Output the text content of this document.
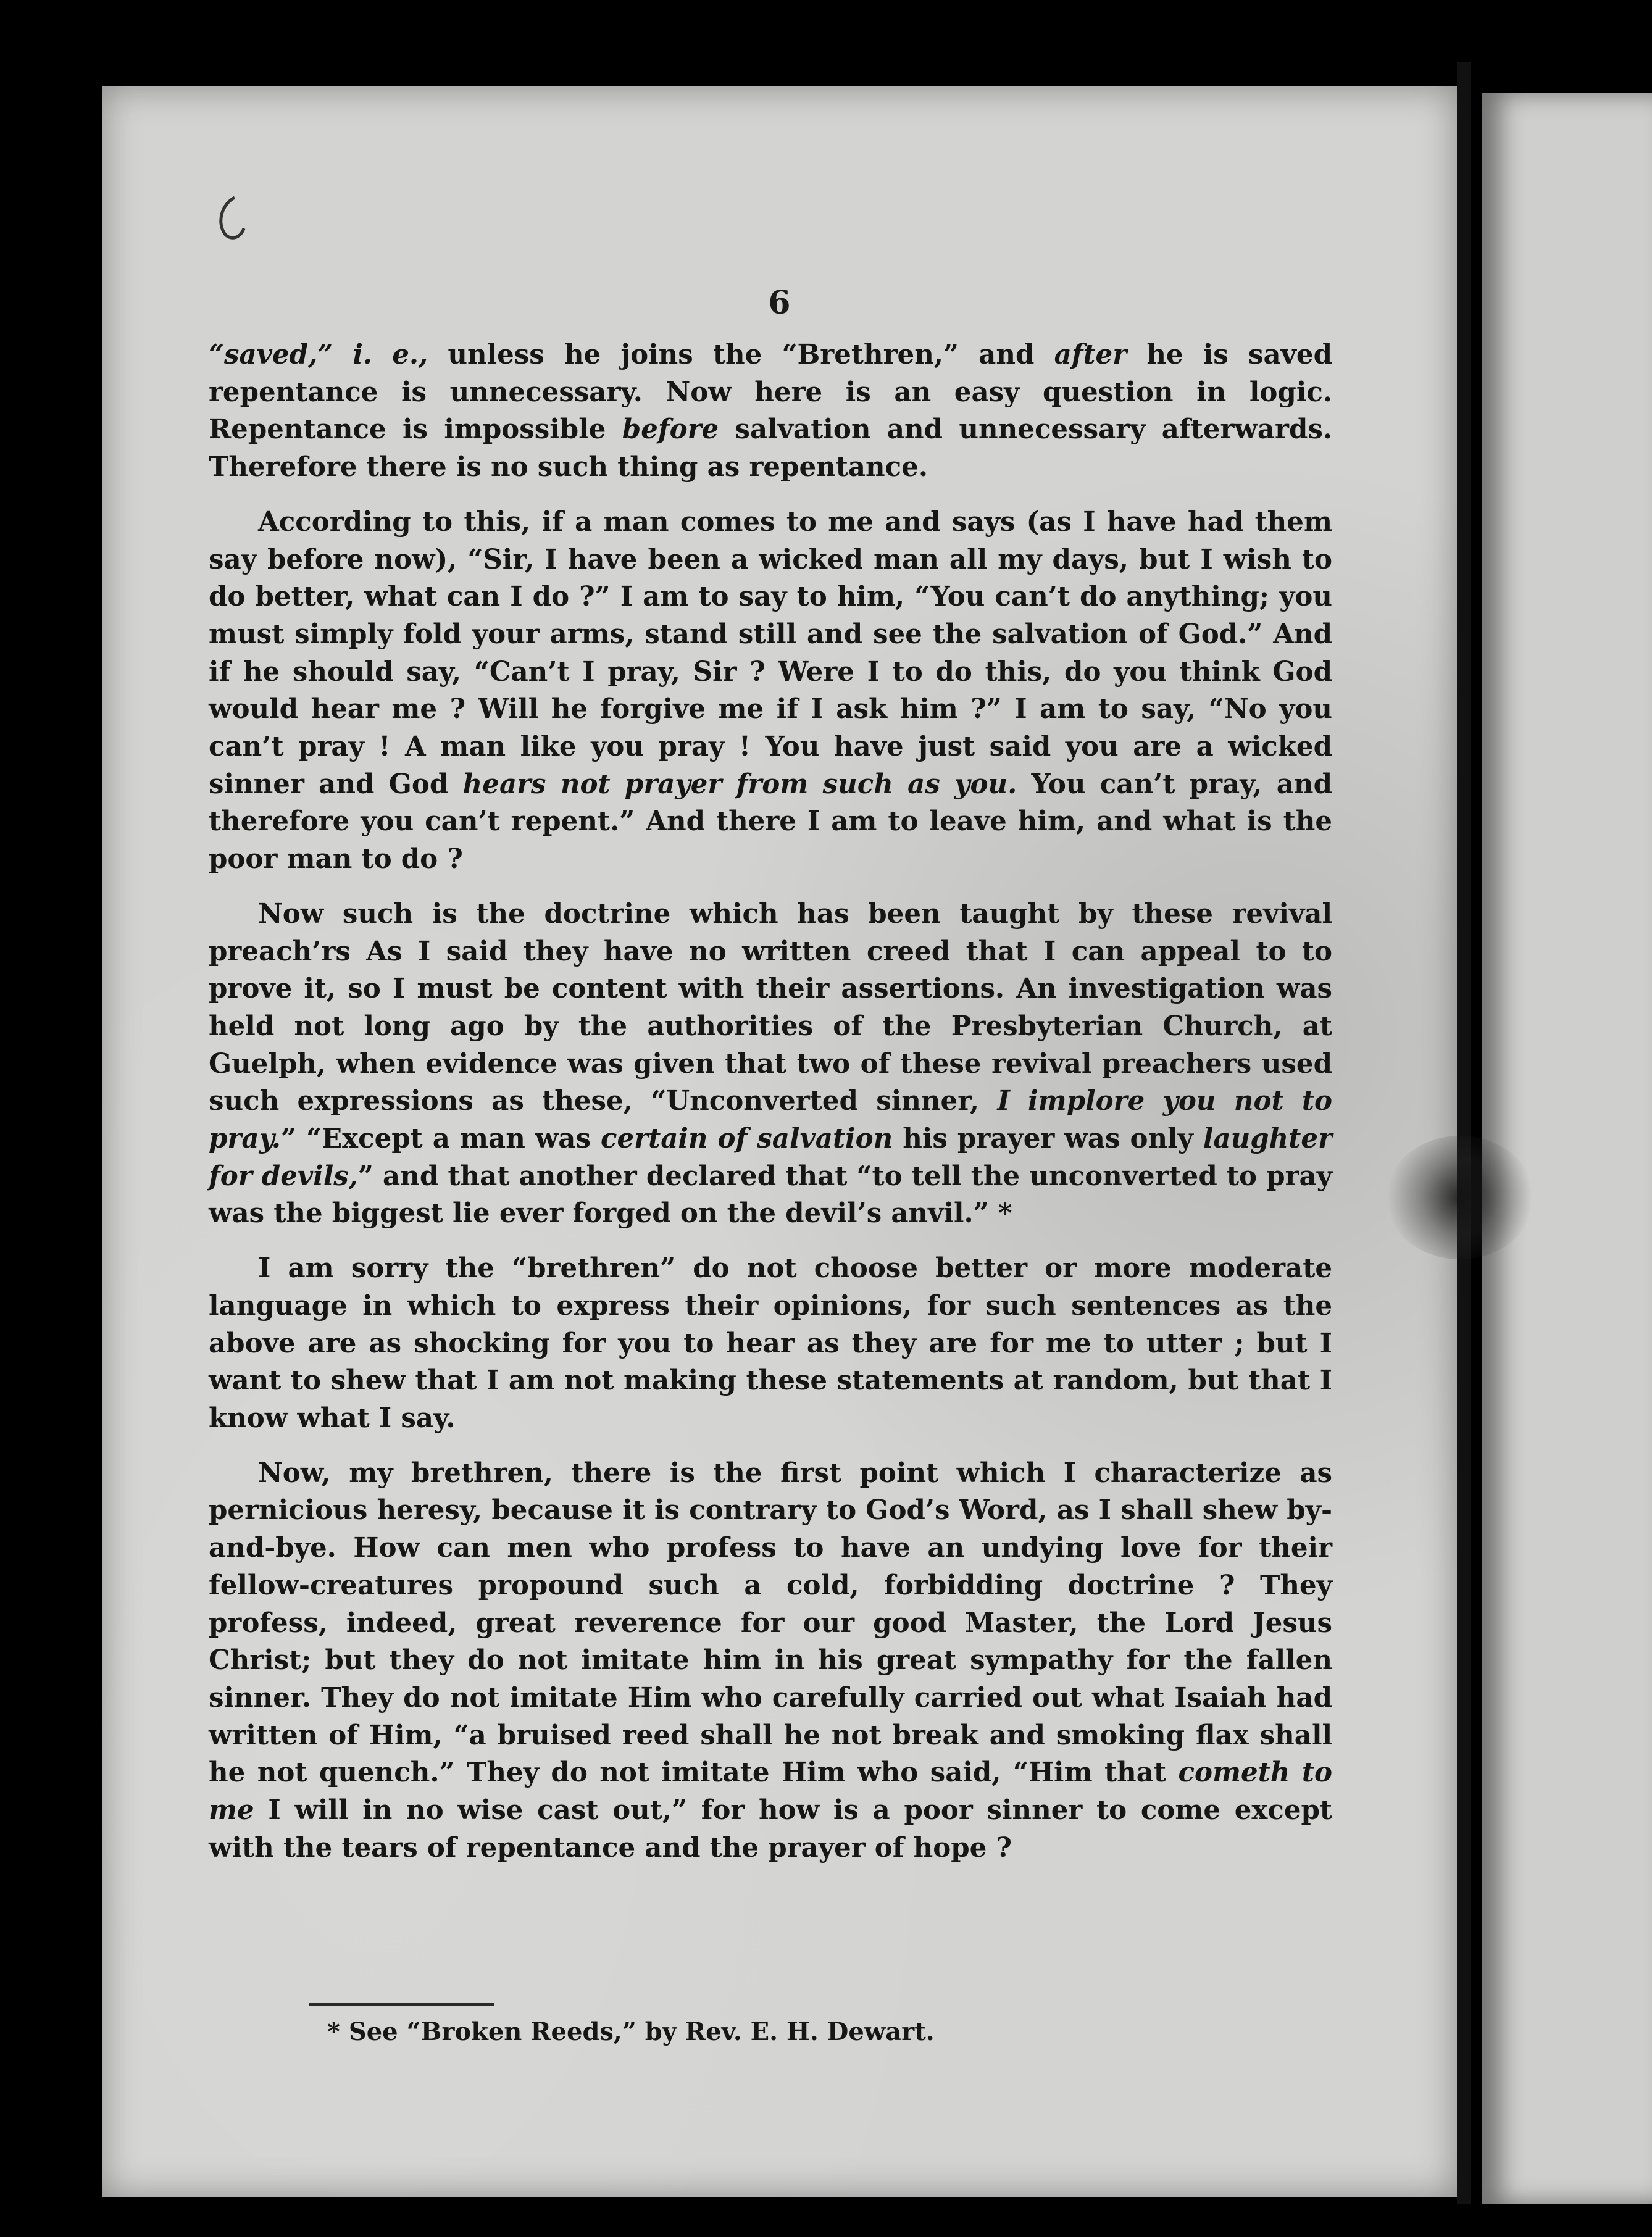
6
“saved,” i. e., unless he joins the “Brethren,” and after he is saved repentance is unnecessary. Now here is an easy question in logic. Repentance is impossible before salvation and unnecessary afterwards. Therefore there is no such thing as repentance.
According to this, if a man comes to me and says (as I have had them say before now), “Sir, I have been a wicked man all my days, but I wish to do better, what can I do ?” I am to say to him, “You can’t do anything; you must simply fold your arms, stand still and see the salvation of God.” And if he should say, “Can’t I pray, Sir ? Were I to do this, do you think God would hear me ? Will he forgive me if I ask him ?” I am to say, “No you can’t pray ! A man like you pray ! You have just said you are a wicked sinner and God hears not prayer from such as you. You can’t pray, and therefore you can’t repent.” And there I am to leave him, and what is the poor man to do ?
Now such is the doctrine which has been taught by these revival preach’rs As I said they have no written creed that I can appeal to to prove it, so I must be content with their assertions. An investigation was held not long ago by the authorities of the Presbyterian Church, at Guelph, when evidence was given that two of these revival preachers used such expressions as these, “Unconverted sinner, I implore you not to pray.” “Except a man was certain of salvation his prayer was only laughter for devils,” and that another declared that “to tell the unconverted to pray was the biggest lie ever forged on the devil’s anvil.” *
I am sorry the “brethren” do not choose better or more moderate language in which to express their opinions, for such sentences as the above are as shocking for you to hear as they are for me to utter ; but I want to shew that I am not making these statements at random, but that I know what I say.
Now, my brethren, there is the first point which I characterize as pernicious heresy, because it is contrary to God’s Word, as I shall shew by-and-bye. How can men who profess to have an undying love for their fellow-creatures propound such a cold, forbidding doctrine ? They profess, indeed, great reverence for our good Master, the Lord Jesus Christ; but they do not imitate him in his great sympathy for the fallen sinner. They do not imitate Him who carefully carried out what Isaiah had written of Him, “a bruised reed shall he not break and smoking flax shall he not quench.” They do not imitate Him who said, “Him that cometh to me I will in no wise cast out,” for how is a poor sinner to come except with the tears of repentance and the prayer of hope ?
* See “Broken Reeds,” by Rev. E. H. Dewart.
